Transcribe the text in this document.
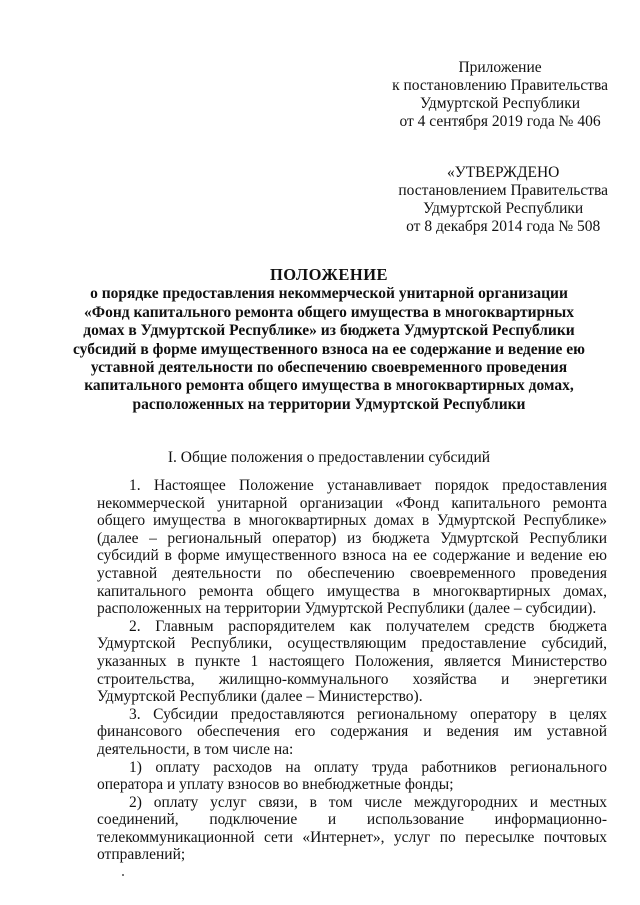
Приложение
к постановлению Правительства
Удмуртской Республики
от 4 сентября 2019 года № 406
«УТВЕРЖДЕНО
постановлением Правительства
Удмуртской Республики
от 8 декабря 2014 года № 508
ПОЛОЖЕНИЕ
о порядке предоставления некоммерческой унитарной организации
«Фонд капитального ремонта общего имущества в многоквартирных
домах в Удмуртской Республике» из бюджета Удмуртской Республики
субсидий в форме имущественного взноса на ее содержание и ведение ею
уставной деятельности по обеспечению своевременного проведения
капитального ремонта общего имущества в многоквартирных домах,
расположенных на территории Удмуртской Республики
I. Общие положения о предоставлении субсидий

1. Настоящее Положение устанавливает порядок предоставления некоммерческой унитарной организации «Фонд капитального ремонта общего имущества в многоквартирных домах в Удмуртской Республике» (далее – региональный оператор) из бюджета Удмуртской Республики субсидий в форме имущественного взноса на ее содержание и ведение ею уставной деятельности по обеспечению своевременного проведения капитального ремонта общего имущества в многоквартирных домах, расположенных на территории Удмуртской Республики (далее – субсидии).

2. Главным распорядителем как получателем средств бюджета Удмуртской Республики, осуществляющим предоставление субсидий, указанных в пункте 1 настоящего Положения, является Министерство строительства, жилищно-коммунального хозяйства и энергетики Удмуртской Республики (далее – Министерство).

3. Субсидии предоставляются региональному оператору в целях финансового обеспечения его содержания и ведения им уставной деятельности, в том числе на:

1) оплату расходов на оплату труда работников регионального оператора и уплату взносов во внебюджетные фонды;

2) оплату услуг связи, в том числе междугородних и местных соединений, подключение и использование информационно-телекоммуникационной сети «Интернет», услуг по пересылке почтовых отправлений;
